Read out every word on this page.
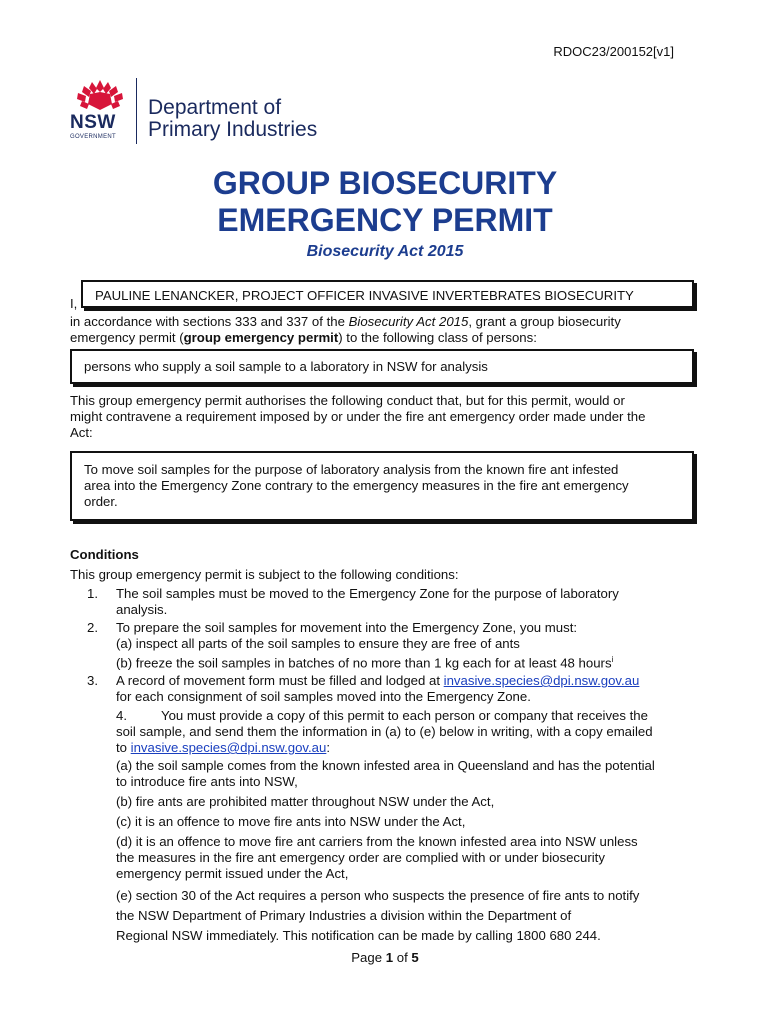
RDOC23/200152[v1]
NSW
GOVERNMENT
Department of
Primary Industries
GROUP BIOSECURITY
EMERGENCY PERMIT
Biosecurity Act 2015
I,
PAULINE LENANCKER, PROJECT OFFICER INVASIVE INVERTEBRATES BIOSECURITY
in accordance with sections 333 and 337 of the Biosecurity Act 2015, grant a group biosecurity
emergency permit (group emergency permit) to the following class of persons:
persons who supply a soil sample to a laboratory in NSW for analysis
This group emergency permit authorises the following conduct that, but for this permit, would or
might contravene a requirement imposed by or under the fire ant emergency order made under the
Act:
To move soil samples for the purpose of laboratory analysis from the known fire ant infested
area into the Emergency Zone contrary to the emergency measures in the fire ant emergency
order.
Conditions
This group emergency permit is subject to the following conditions:
1. The soil samples must be moved to the Emergency Zone for the purpose of laboratory
analysis.
2. To prepare the soil samples for movement into the Emergency Zone, you must:
(a) inspect all parts of the soil samples to ensure they are free of ants
(b) freeze the soil samples in batches of no more than 1 kg each for at least 48 hours$^i$
3. A record of movement form must be filled and lodged at invasive.species@dpi.nsw.gov.au
for each consignment of soil samples moved into the Emergency Zone.
4.	You must provide a copy of this permit to each person or company that receives the
soil sample, and send them the information in (a) to (e) below in writing, with a copy emailed
to invasive.species@dpi.nsw.gov.au:
(a) the soil sample comes from the known infested area in Queensland and has the potential
to introduce fire ants into NSW,
(b) fire ants are prohibited matter throughout NSW under the Act,
(c) it is an offence to move fire ants into NSW under the Act,
(d) it is an offence to move fire ant carriers from the known infested area into NSW unless
the measures in the fire ant emergency order are complied with or under biosecurity
emergency permit issued under the Act,
(e) section 30 of the Act requires a person who suspects the presence of fire ants to notify
the NSW Department of Primary Industries a division within the Department of
Regional NSW immediately. This notification can be made by calling 1800 680 244.
Page 1 of 5
